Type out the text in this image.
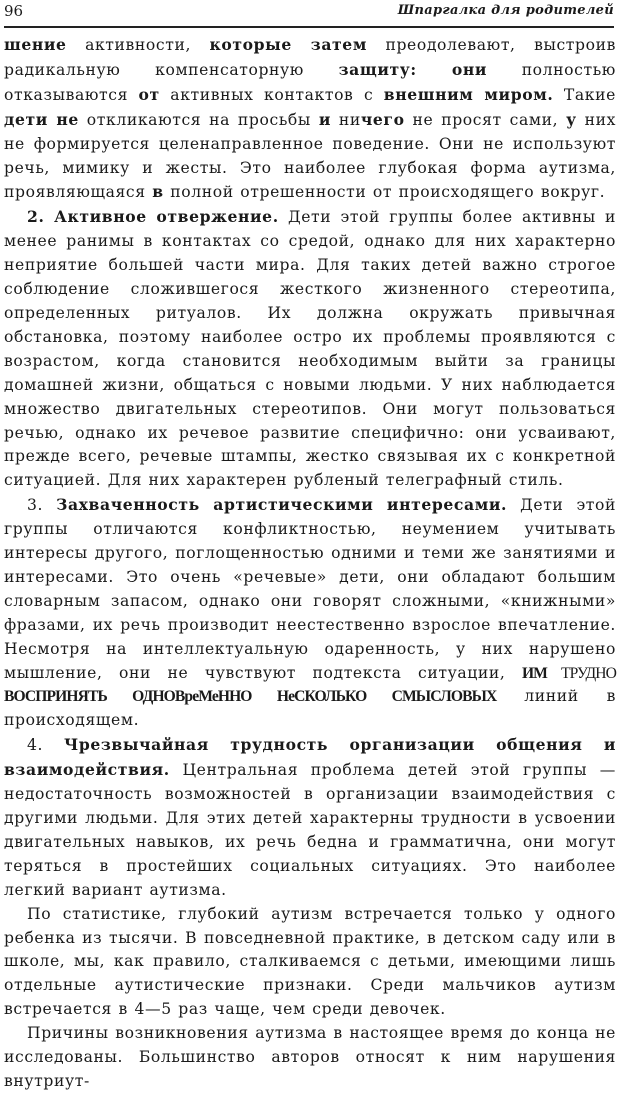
96	Шпаргалка для родителей

шение активности, которые затем преодолевают, выстроив радикальную компенсаторную защиту: они полностью отказываются от активных контактов с внешним миром. Такие дети не откликаются на просьбы и ничего не просят сами, у них не формируется целенаправленное поведение. Они не используют речь, мимику и жесты. Это наиболее глубокая форма аутизма, проявляющаяся в полной отрешенности от происходящего вокруг.

2. Активное отвержение. Дети этой группы более активны и менее ранимы в контактах со средой, однако для них характерно неприятие большей части мира. Для таких детей важно строгое соблюдение сложившегося жесткого жизненного стереотипа, определенных ритуалов. Их должна окружать привычная обстановка, поэтому наиболее остро их проблемы проявляются с возрастом, когда становится необходимым выйти за границы домашней жизни, общаться с новыми людьми. У них наблюдается множество двигательных стереотипов. Они могут пользоваться речью, однако их речевое развитие специфично: они усваивают, прежде всего, речевые штампы, жестко связывая их с конкретной ситуацией. Для них характерен рубленый телеграфный стиль.

3. Захваченность артистическими интересами. Дети этой группы отличаются конфликтностью, неумением учитывать интересы другого, поглощенностью одними и теми же занятиями и интересами. Это очень «речевые» дети, они обладают большим словарным запасом, однако они говорят сложными, «книжными» фразами, их речь производит неестественно взрослое впечатление. Несмотря на интеллектуальную одаренность, у них нарушено мышление, они не чувствуют подтекста ситуации, ИМ ТРУДНО ВОСПРИНЯТЬ ОДНОВреМеННО НеСКОЛЬКО СМЫСЛОВЫХ линий в происходящем.

4. Чрезвычайная трудность организации общения и взаимодействия. Центральная проблема детей этой группы — недостаточность возможностей в организации взаимодействия с другими людьми. Для этих детей характерны трудности в усвоении двигательных навыков, их речь бедна и грамматична, они могут теряться в простейших социальных ситуациях. Это наиболее легкий вариант аутизма.

По статистике, глубокий аутизм встречается только у одного ребенка из тысячи. В повседневной практике, в детском саду или в школе, мы, как правило, сталкиваемся с детьми, имеющими лишь отдельные аутистические признаки. Среди мальчиков аутизм встречается в 4—5 раз чаще, чем среди девочек.

Причины возникновения аутизма в настоящее время до конца не исследованы. Большинство авторов относят к ним нарушения внутриут-
